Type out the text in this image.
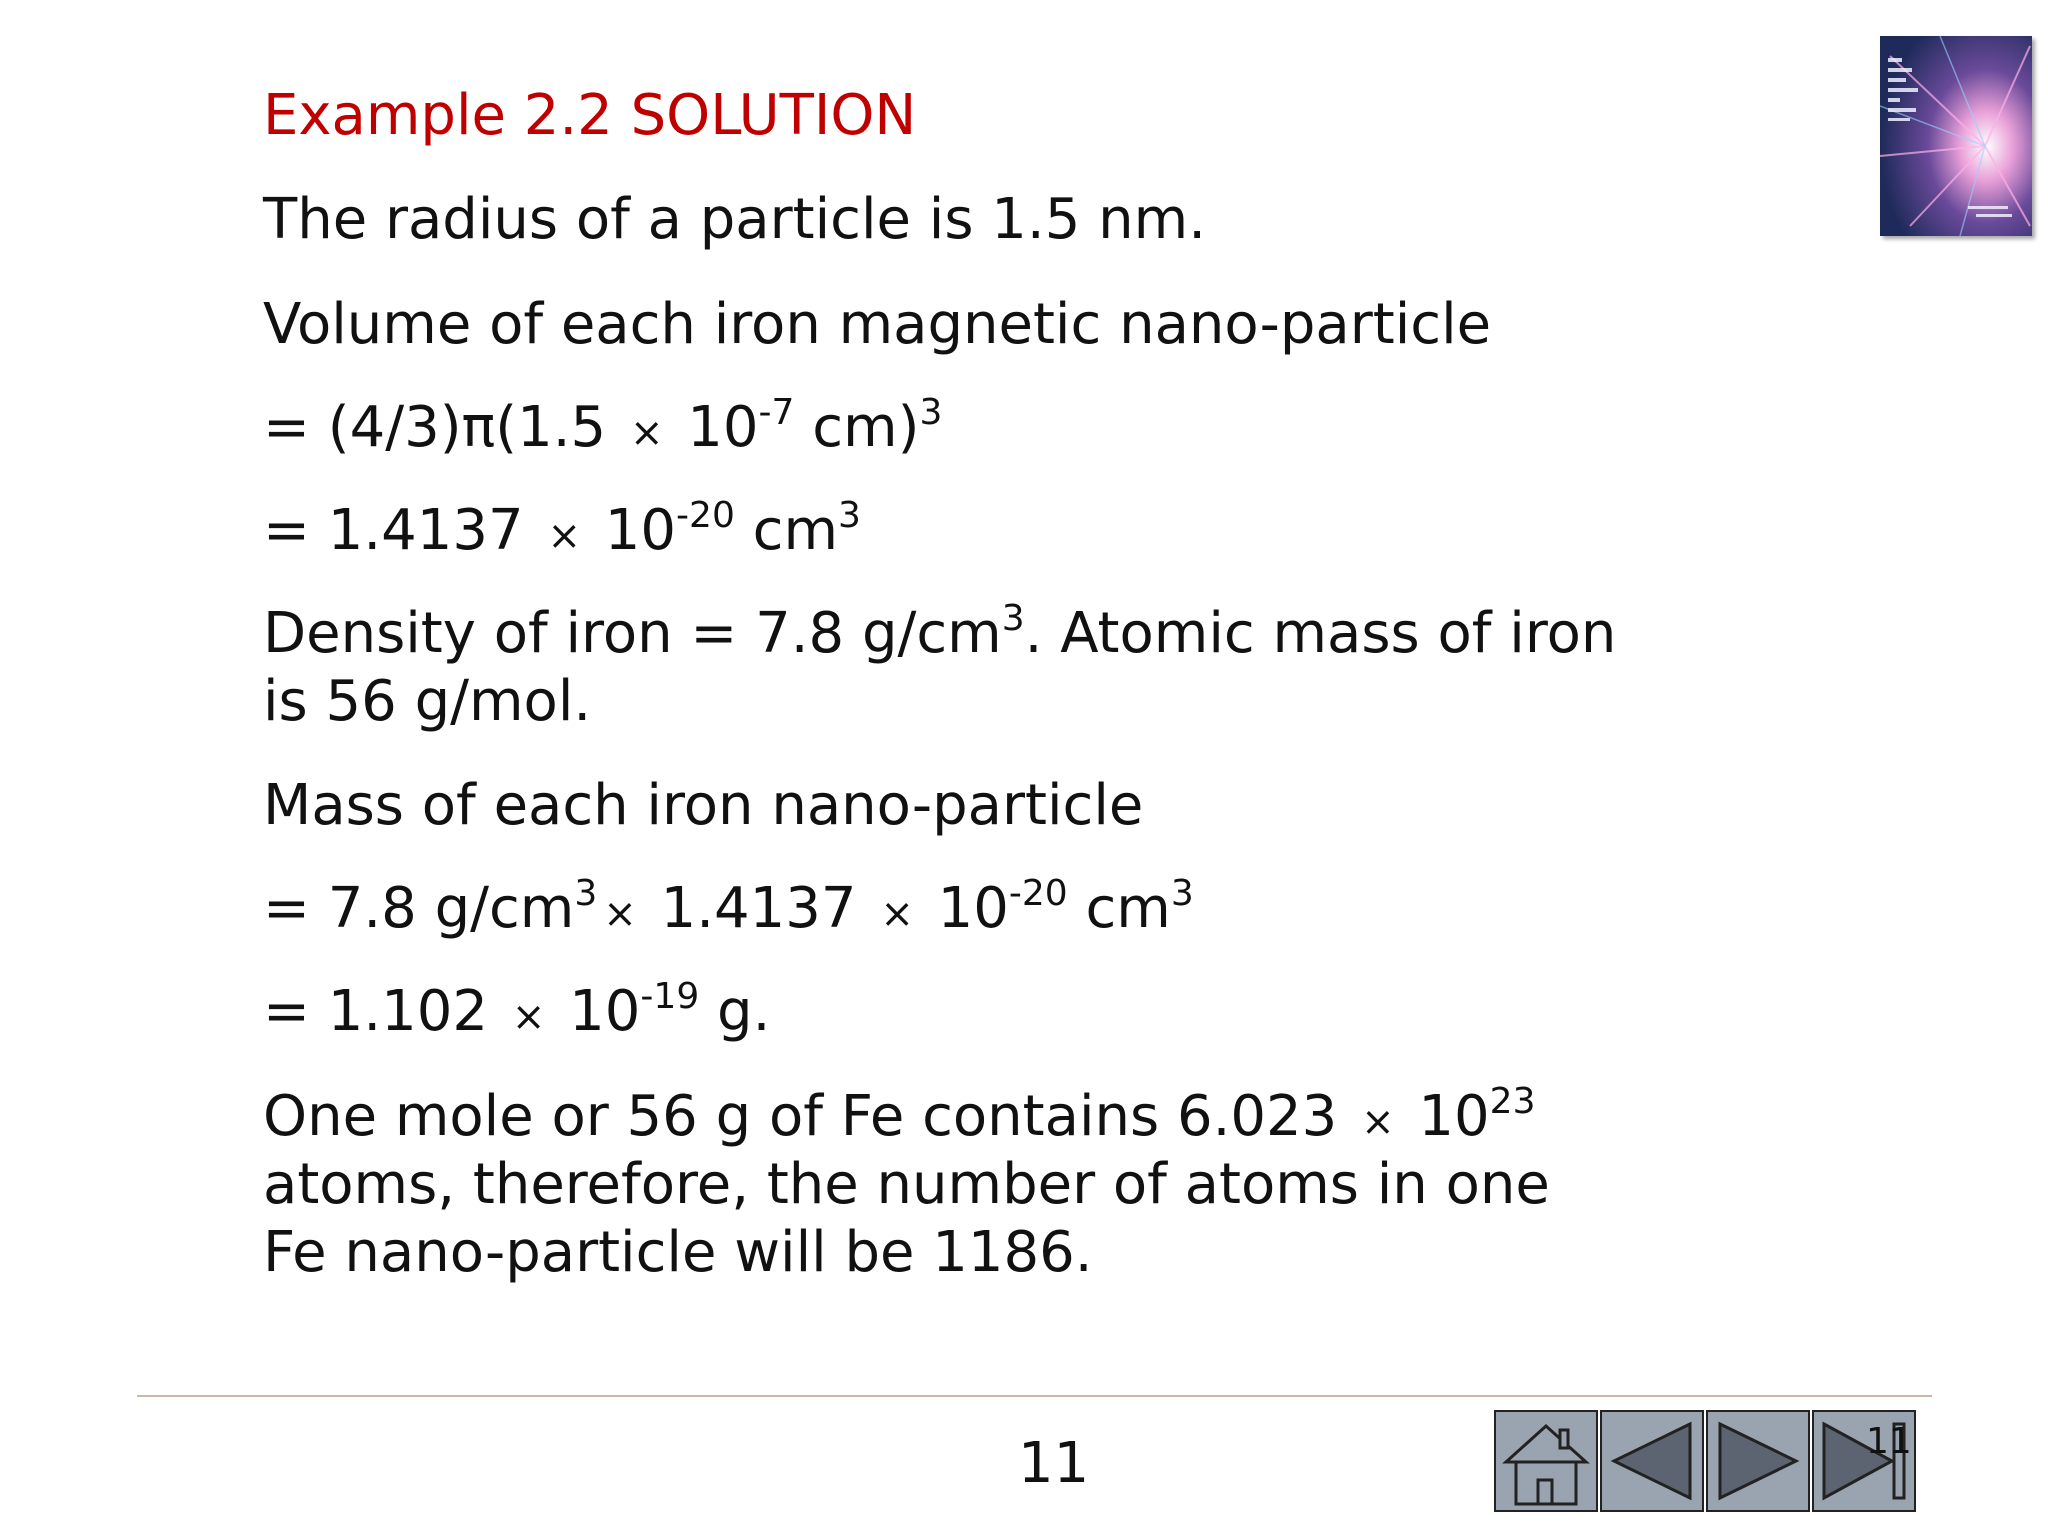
Example 2.2 SOLUTION
The radius of a particle is 1.5 nm.
Volume of each iron magnetic nano-particle
= $(4/3)\pi(1.5 \times 10^{-7}$ cm)$^3$
= $1.4137 \times 10^{-20}$ $cm^3$
Density of iron = 7.8 $g/cm^3$. Atomic mass of iron
is 56 g/mol.
Mass of each iron nano-particle
= 7.8 $g/cm^3 \times 1.4137 \times 10^{-20}$ $cm^3$
= $1.102 \times 10^{-19}$ g.
One mole or 56 g of Fe contains $6.023 \times 10^{23}$
atoms, therefore, the number of atoms in one
Fe nano-particle will be 1186.
11	11
